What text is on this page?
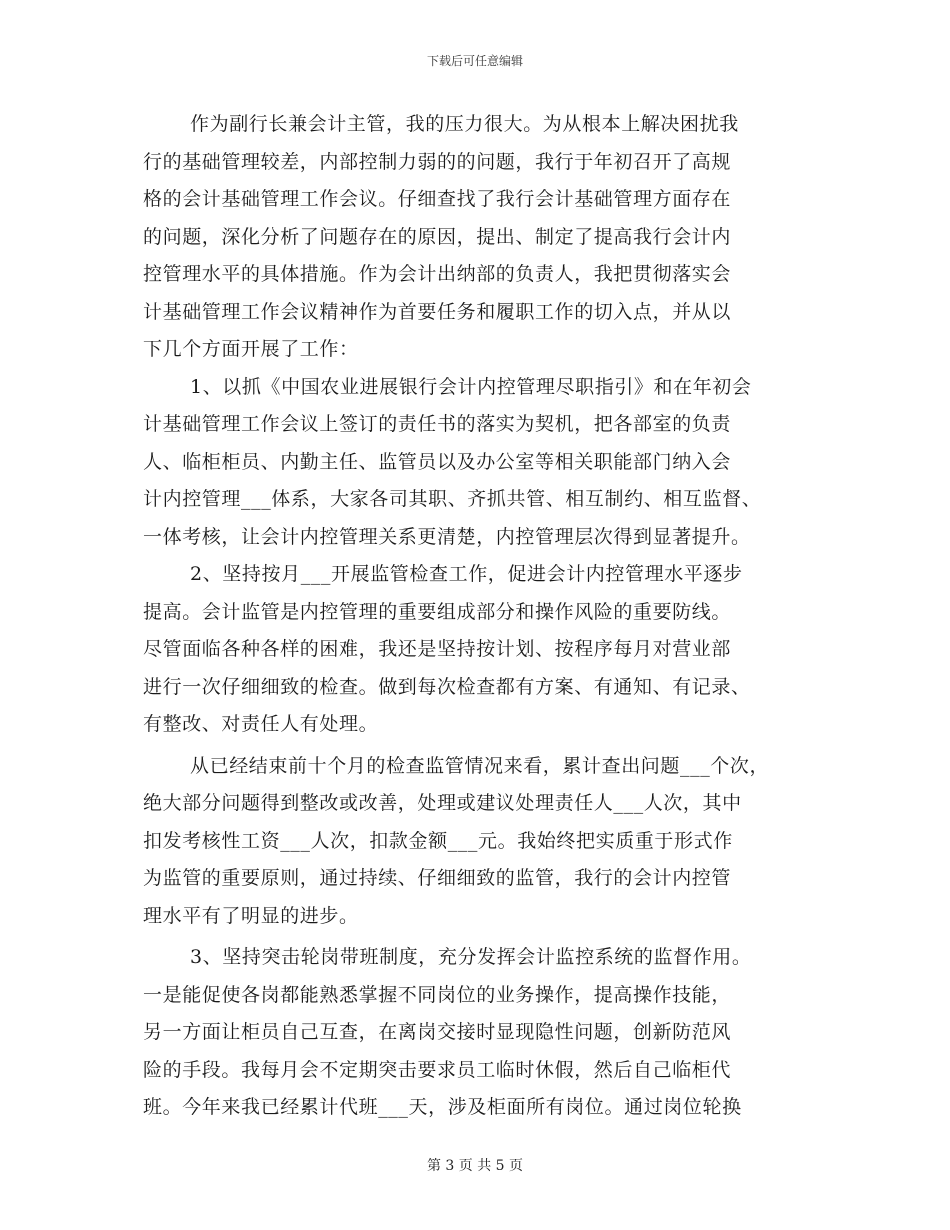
下载后可任意编辑
作为副行长兼会计主管，我的压力很大。为从根本上解决困扰我
行的基础管理较差，内部控制力弱的的问题，我行于年初召开了高规
格的会计基础管理工作会议。仔细查找了我行会计基础管理方面存在
的问题，深化分析了问题存在的原因，提出、制定了提高我行会计内
控管理水平的具体措施。作为会计出纳部的负责人，我把贯彻落实会
计基础管理工作会议精神作为首要任务和履职工作的切入点，并从以
下几个方面开展了工作：
1、以抓《中国农业进展银行会计内控管理尽职指引》和在年初会
计基础管理工作会议上签订的责任书的落实为契机，把各部室的负责
人、临柜柜员、内勤主任、监管员以及办公室等相关职能部门纳入会
计内控管理___体系，大家各司其职、齐抓共管、相互制约、相互监督、
一体考核，让会计内控管理关系更清楚，内控管理层次得到显著提升。
2、坚持按月___开展监管检查工作，促进会计内控管理水平逐步
提高。会计监管是内控管理的重要组成部分和操作风险的重要防线。
尽管面临各种各样的困难，我还是坚持按计划、按程序每月对营业部
进行一次仔细细致的检查。做到每次检查都有方案、有通知、有记录、
有整改、对责任人有处理。
从已经结束前十个月的检查监管情况来看，累计查出问题___个次，
绝大部分问题得到整改或改善，处理或建议处理责任人___人次，其中
扣发考核性工资___人次，扣款金额___元。我始终把实质重于形式作
为监管的重要原则，通过持续、仔细细致的监管，我行的会计内控管
理水平有了明显的进步。
3、坚持突击轮岗带班制度，充分发挥会计监控系统的监督作用。
一是能促使各岗都能熟悉掌握不同岗位的业务操作，提高操作技能，
另一方面让柜员自己互查，在离岗交接时显现隐性问题，创新防范风
险的手段。我每月会不定期突击要求员工临时休假，然后自己临柜代
班。今年来我已经累计代班___天，涉及柜面所有岗位。通过岗位轮换
第 3 页 共 5 页
